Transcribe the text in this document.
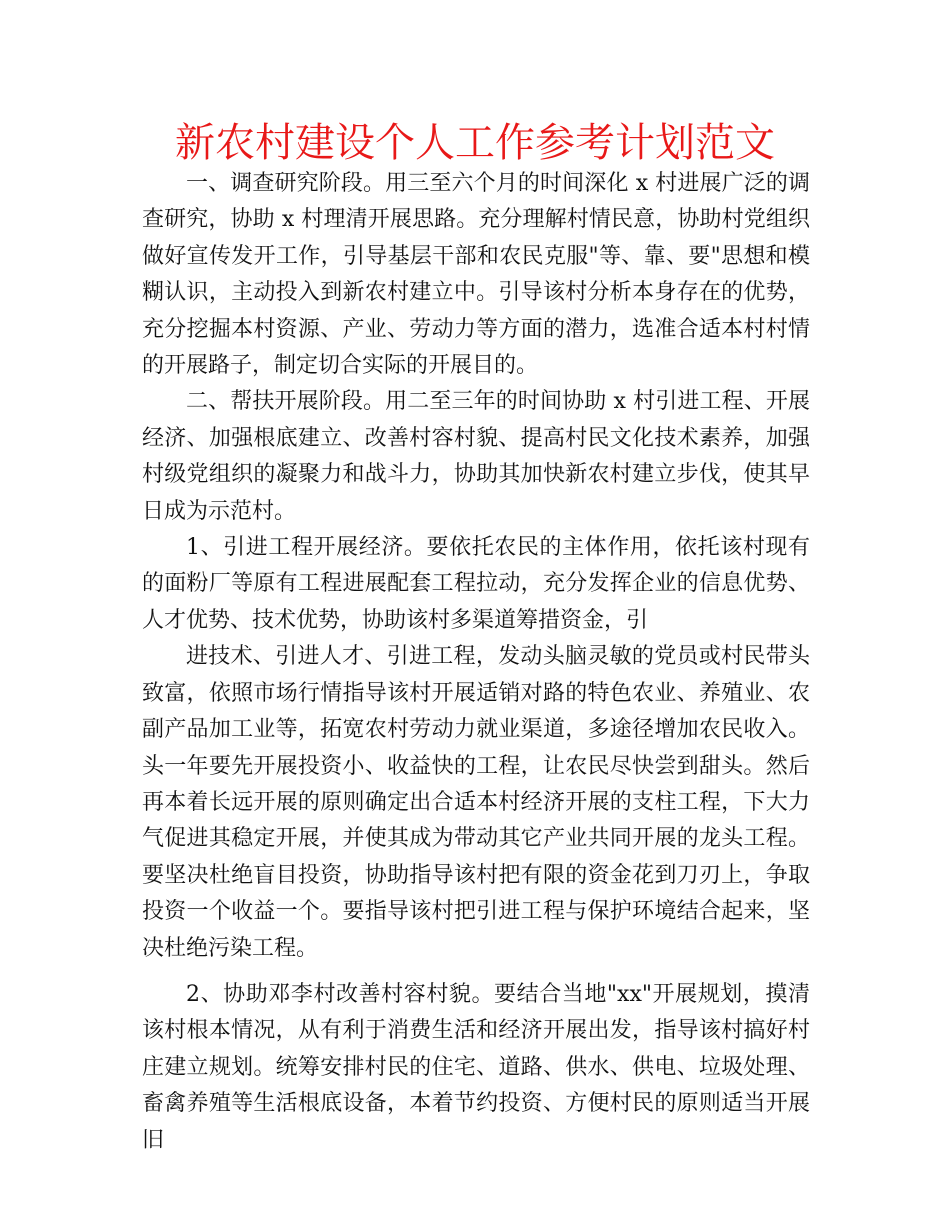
新农村建设个人工作参考计划范文

一、调查研究阶段。用三至六个月的时间深化 x 村进展广泛的调查研究，协助 x 村理清开展思路。充分理解村情民意，协助村党组织做好宣传发开工作，引导基层干部和农民克服"等、靠、要"思想和模糊认识，主动投入到新农村建立中。引导该村分析本身存在的优势，充分挖掘本村资源、产业、劳动力等方面的潜力，选准合适本村村情的开展路子，制定切合实际的开展目的。

二、帮扶开展阶段。用二至三年的时间协助 x 村引进工程、开展经济、加强根底建立、改善村容村貌、提高村民文化技术素养，加强村级党组织的凝聚力和战斗力，协助其加快新农村建立步伐，使其早日成为示范村。

1、引进工程开展经济。要依托农民的主体作用，依托该村现有的面粉厂等原有工程进展配套工程拉动，充分发挥企业的信息优势、人才优势、技术优势，协助该村多渠道筹措资金，引

进技术、引进人才、引进工程，发动头脑灵敏的党员或村民带头致富，依照市场行情指导该村开展适销对路的特色农业、养殖业、农副产品加工业等，拓宽农村劳动力就业渠道，多途径增加农民收入。头一年要先开展投资小、收益快的工程，让农民尽快尝到甜头。然后再本着长远开展的原则确定出合适本村经济开展的支柱工程，下大力气促进其稳定开展，并使其成为带动其它产业共同开展的龙头工程。要坚决杜绝盲目投资，协助指导该村把有限的资金花到刀刃上，争取投资一个收益一个。要指导该村把引进工程与保护环境结合起来，坚决杜绝污染工程。

2、协助邓李村改善村容村貌。要结合当地"xx"开展规划，摸清该村根本情况，从有利于消费生活和经济开展出发，指导该村搞好村庄建立规划。统筹安排村民的住宅、道路、供水、供电、垃圾处理、畜禽养殖等生活根底设备，本着节约投资、方便村民的原则适当开展旧
